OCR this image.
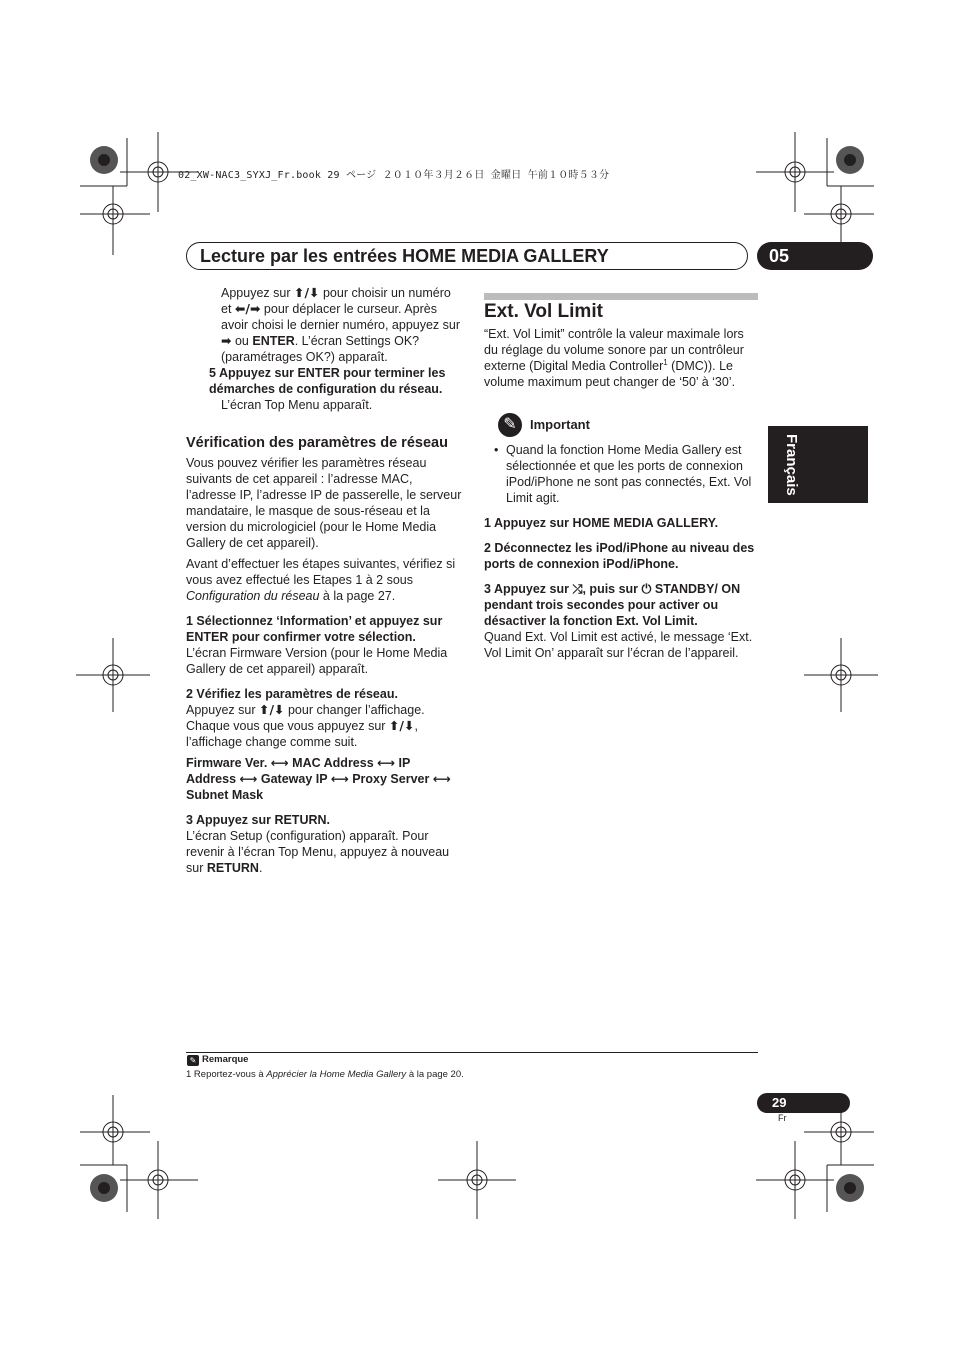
02_XW-NAC3_SYXJ_Fr.book 29 ページ ２０１０年３月２６日 金曜日 午前１０時５３分
Lecture par les entrées HOME MEDIA GALLERY	05
Français

Appuyez sur ⬆/⬇ pour choisir un numéro et ⬅/➡ pour déplacer le curseur. Après avoir choisi le dernier numéro, appuyez sur ➡ ou ENTER. L’écran Settings OK? (paramétrages OK?) apparaît.

5 Appuyez sur ENTER pour terminer les démarches de configuration du réseau.

L’écran Top Menu apparaît.

Vérification des paramètres de réseau

Vous pouvez vérifier les paramètres réseau suivants de cet appareil : l’adresse MAC, l’adresse IP, l’adresse IP de passerelle, le serveur mandataire, le masque de sous-réseau et la version du micrologiciel (pour le Home Media Gallery de cet appareil).

Avant d’effectuer les étapes suivantes, vérifiez si vous avez effectué les Etapes 1 à 2 sous Configuration du réseau à la page 27.

1 Sélectionnez ‘Information’ et appuyez sur ENTER pour confirmer votre sélection.

L’écran Firmware Version (pour le Home Media Gallery de cet appareil) apparaît.

2 Vérifiez les paramètres de réseau.

Appuyez sur ⬆/⬇ pour changer l’affichage. Chaque vous que vous appuyez sur ⬆/⬇, l’affichage change comme suit.

Firmware Ver. ⟷ MAC Address ⟷ IP Address ⟷ Gateway IP ⟷ Proxy Server ⟷ Subnet Mask

3 Appuyez sur RETURN.

L’écran Setup (configuration) apparaît. Pour revenir à l’écran Top Menu, appuyez à nouveau sur RETURN.

Ext. Vol Limit

“Ext. Vol Limit” contrôle la valeur maximale lors du réglage du volume sonore par un contrôleur externe (Digital Media Controller$^1$ (DMC)). Le volume maximum peut changer de ‘50’ à ‘30’.

✎	Important
• Quand la fonction Home Media Gallery est sélectionnée et que les ports de connexion iPod/iPhone ne sont pas connectés, Ext. Vol Limit agit.

1 Appuyez sur HOME MEDIA GALLERY.

2 Déconnectez les iPod/iPhone au niveau des ports de connexion iPod/iPhone.

3 Appuyez sur ⤮, puis sur ⏻ STANDBY/ ON pendant trois secondes pour activer ou désactiver la fonction Ext. Vol Limit.

Quand Ext. Vol Limit est activé, le message ‘Ext. Vol Limit On’ apparaît sur l’écran de l’appareil.

✎ Remarque
1 Reportez-vous à Apprécier la Home Media Gallery à la page 20.
29
Fr
